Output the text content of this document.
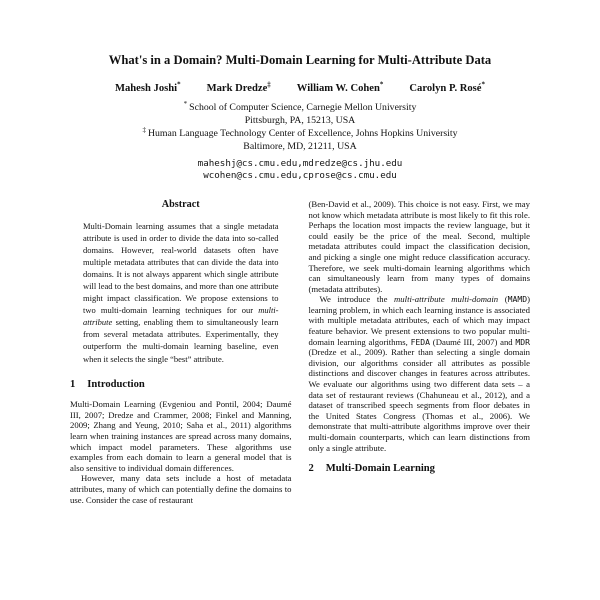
What's in a Domain? Multi-Domain Learning for Multi-Attribute Data
Mahesh Joshi* Mark Dredze‡ William W. Cohen* Carolyn P. Rosé*
* School of Computer Science, Carnegie Mellon University
Pittsburgh, PA, 15213, USA
‡ Human Language Technology Center of Excellence, Johns Hopkins University
Baltimore, MD, 21211, USA
maheshj@cs.cmu.edu,mdredze@cs.jhu.edu
wcohen@cs.cmu.edu,cprose@cs.cmu.edu
Abstract

Multi-Domain learning assumes that a single metadata attribute is used in order to divide the data into so-called domains. However, real-world datasets often have multiple metadata attributes that can divide the data into domains. It is not always apparent which single attribute will lead to the best domains, and more than one attribute might impact classification. We propose extensions to two multi-domain learning techniques for our multi-attribute setting, enabling them to simultaneously learn from several metadata attributes. Experimentally, they outperform the multi-domain learning baseline, even when it selects the single “best” attribute.

1 Introduction

Multi-Domain Learning (Evgeniou and Pontil, 2004; Daumé III, 2007; Dredze and Crammer, 2008; Finkel and Manning, 2009; Zhang and Yeung, 2010; Saha et al., 2011) algorithms learn when training instances are spread across many domains, which impact model parameters. These algorithms use examples from each domain to learn a general model that is also sensitive to individual domain differences.

However, many data sets include a host of metadata attributes, many of which can potentially define the domains to use. Consider the case of restaurant

(Ben-David et al., 2009). This choice is not easy. First, we may not know which metadata attribute is most likely to fit this role. Perhaps the location most impacts the review language, but it could easily be the price of the meal. Second, multiple metadata attributes could impact the classification decision, and picking a single one might reduce classification accuracy. Therefore, we seek multi-domain learning algorithms which can simultaneously learn from many types of domains (metadata attributes).

We introduce the multi-attribute multi-domain (MAMD) learning problem, in which each learning instance is associated with multiple metadata attributes, each of which may impact feature behavior. We present extensions to two popular multi-domain learning algorithms, FEDA (Daumé III, 2007) and MDR (Dredze et al., 2009). Rather than selecting a single domain division, our algorithms consider all attributes as possible distinctions and discover changes in features across attributes. We evaluate our algorithms using two different data sets – a data set of restaurant reviews (Chahuneau et al., 2012), and a dataset of transcribed speech segments from floor debates in the United States Congress (Thomas et al., 2006). We demonstrate that multi-attribute algorithms improve over their multi-domain counterparts, which can learn distinctions from only a single attribute.

2 Multi-Domain Learning
